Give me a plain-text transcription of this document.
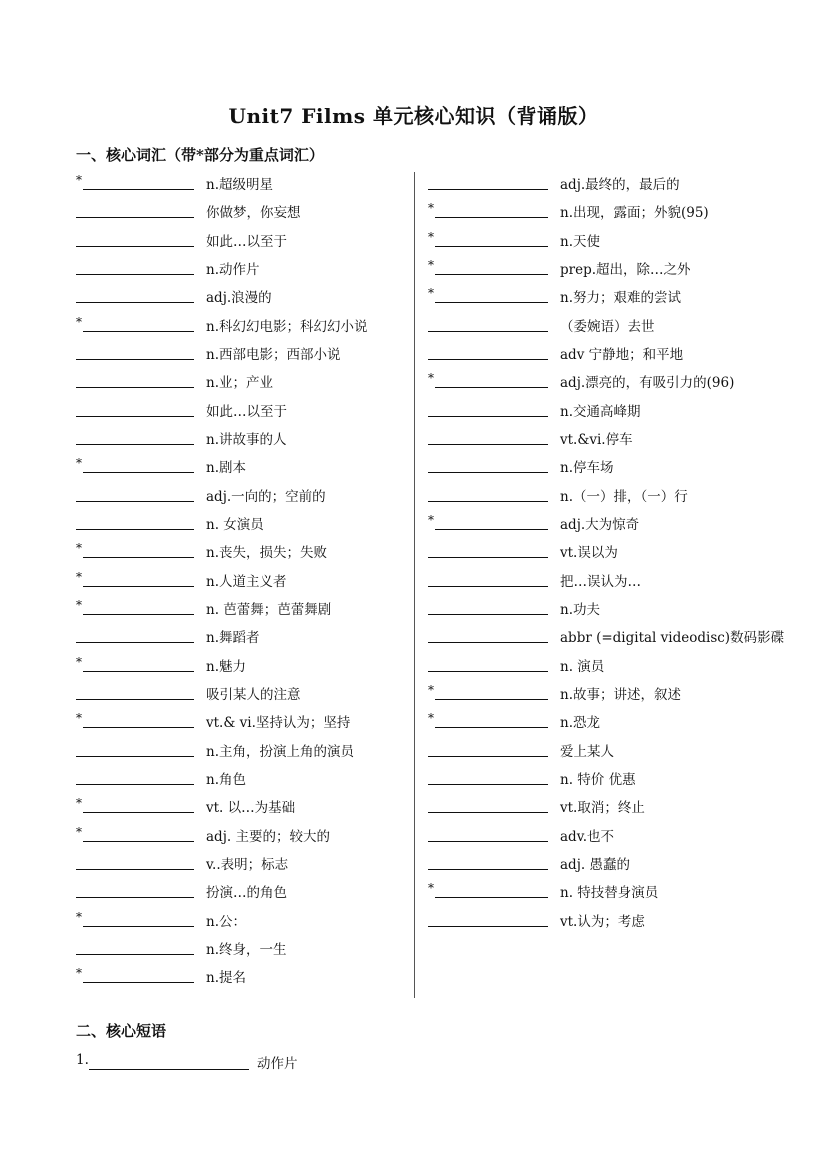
Unit7 Films 单元核心知识（背诵版）
一、核心词汇（带*部分为重点词汇）
*	n.超级明星
你做梦，你妄想
如此…以至于
n.动作片
adj.浪漫的
*	n.科幻幻电影；科幻幻小说
n.西部电影；西部小说
n.业；产业
如此…以至于
n.讲故事的人
*	n.剧本
adj.一向的；空前的
n. 女演员
*	n.丧失，损失；失败
*	n.人道主义者
*	n. 芭蕾舞；芭蕾舞剧
n.舞蹈者
*	n.魅力
吸引某人的注意
*	vt.& vi.坚持认为；坚持
n.主角，扮演上角的演员
n.角色
*	vt. 以…为基础
*	adj. 主要的；较大的
v..表明；标志
扮演…的角色
*	n.公：
n.终身，一生
*	n.提名
adj.最终的，最后的
*	n.出现，露面；外貌(95)
*	n.天使
*	prep.超出，除…之外
*	n.努力；艰难的尝试
（委婉语）去世
adv 宁静地；和平地
*	adj.漂亮的，有吸引力的(96)
n.交通高峰期
vt.&vi.停车
n.停车场
n.（一）排，（一）行
*	adj.大为惊奇
vt.误以为
把…误认为…
n.功夫
abbr (=digital videodisc)数码影碟
n. 演员
*	n.故事；讲述，叙述
*	n.恐龙
爱上某人
n. 特价 优惠
vt.取消；终止
adv.也不
adj. 愚蠢的
*	n. 特技替身演员
vt.认为；考虑
二、核心短语
1.	动作片
